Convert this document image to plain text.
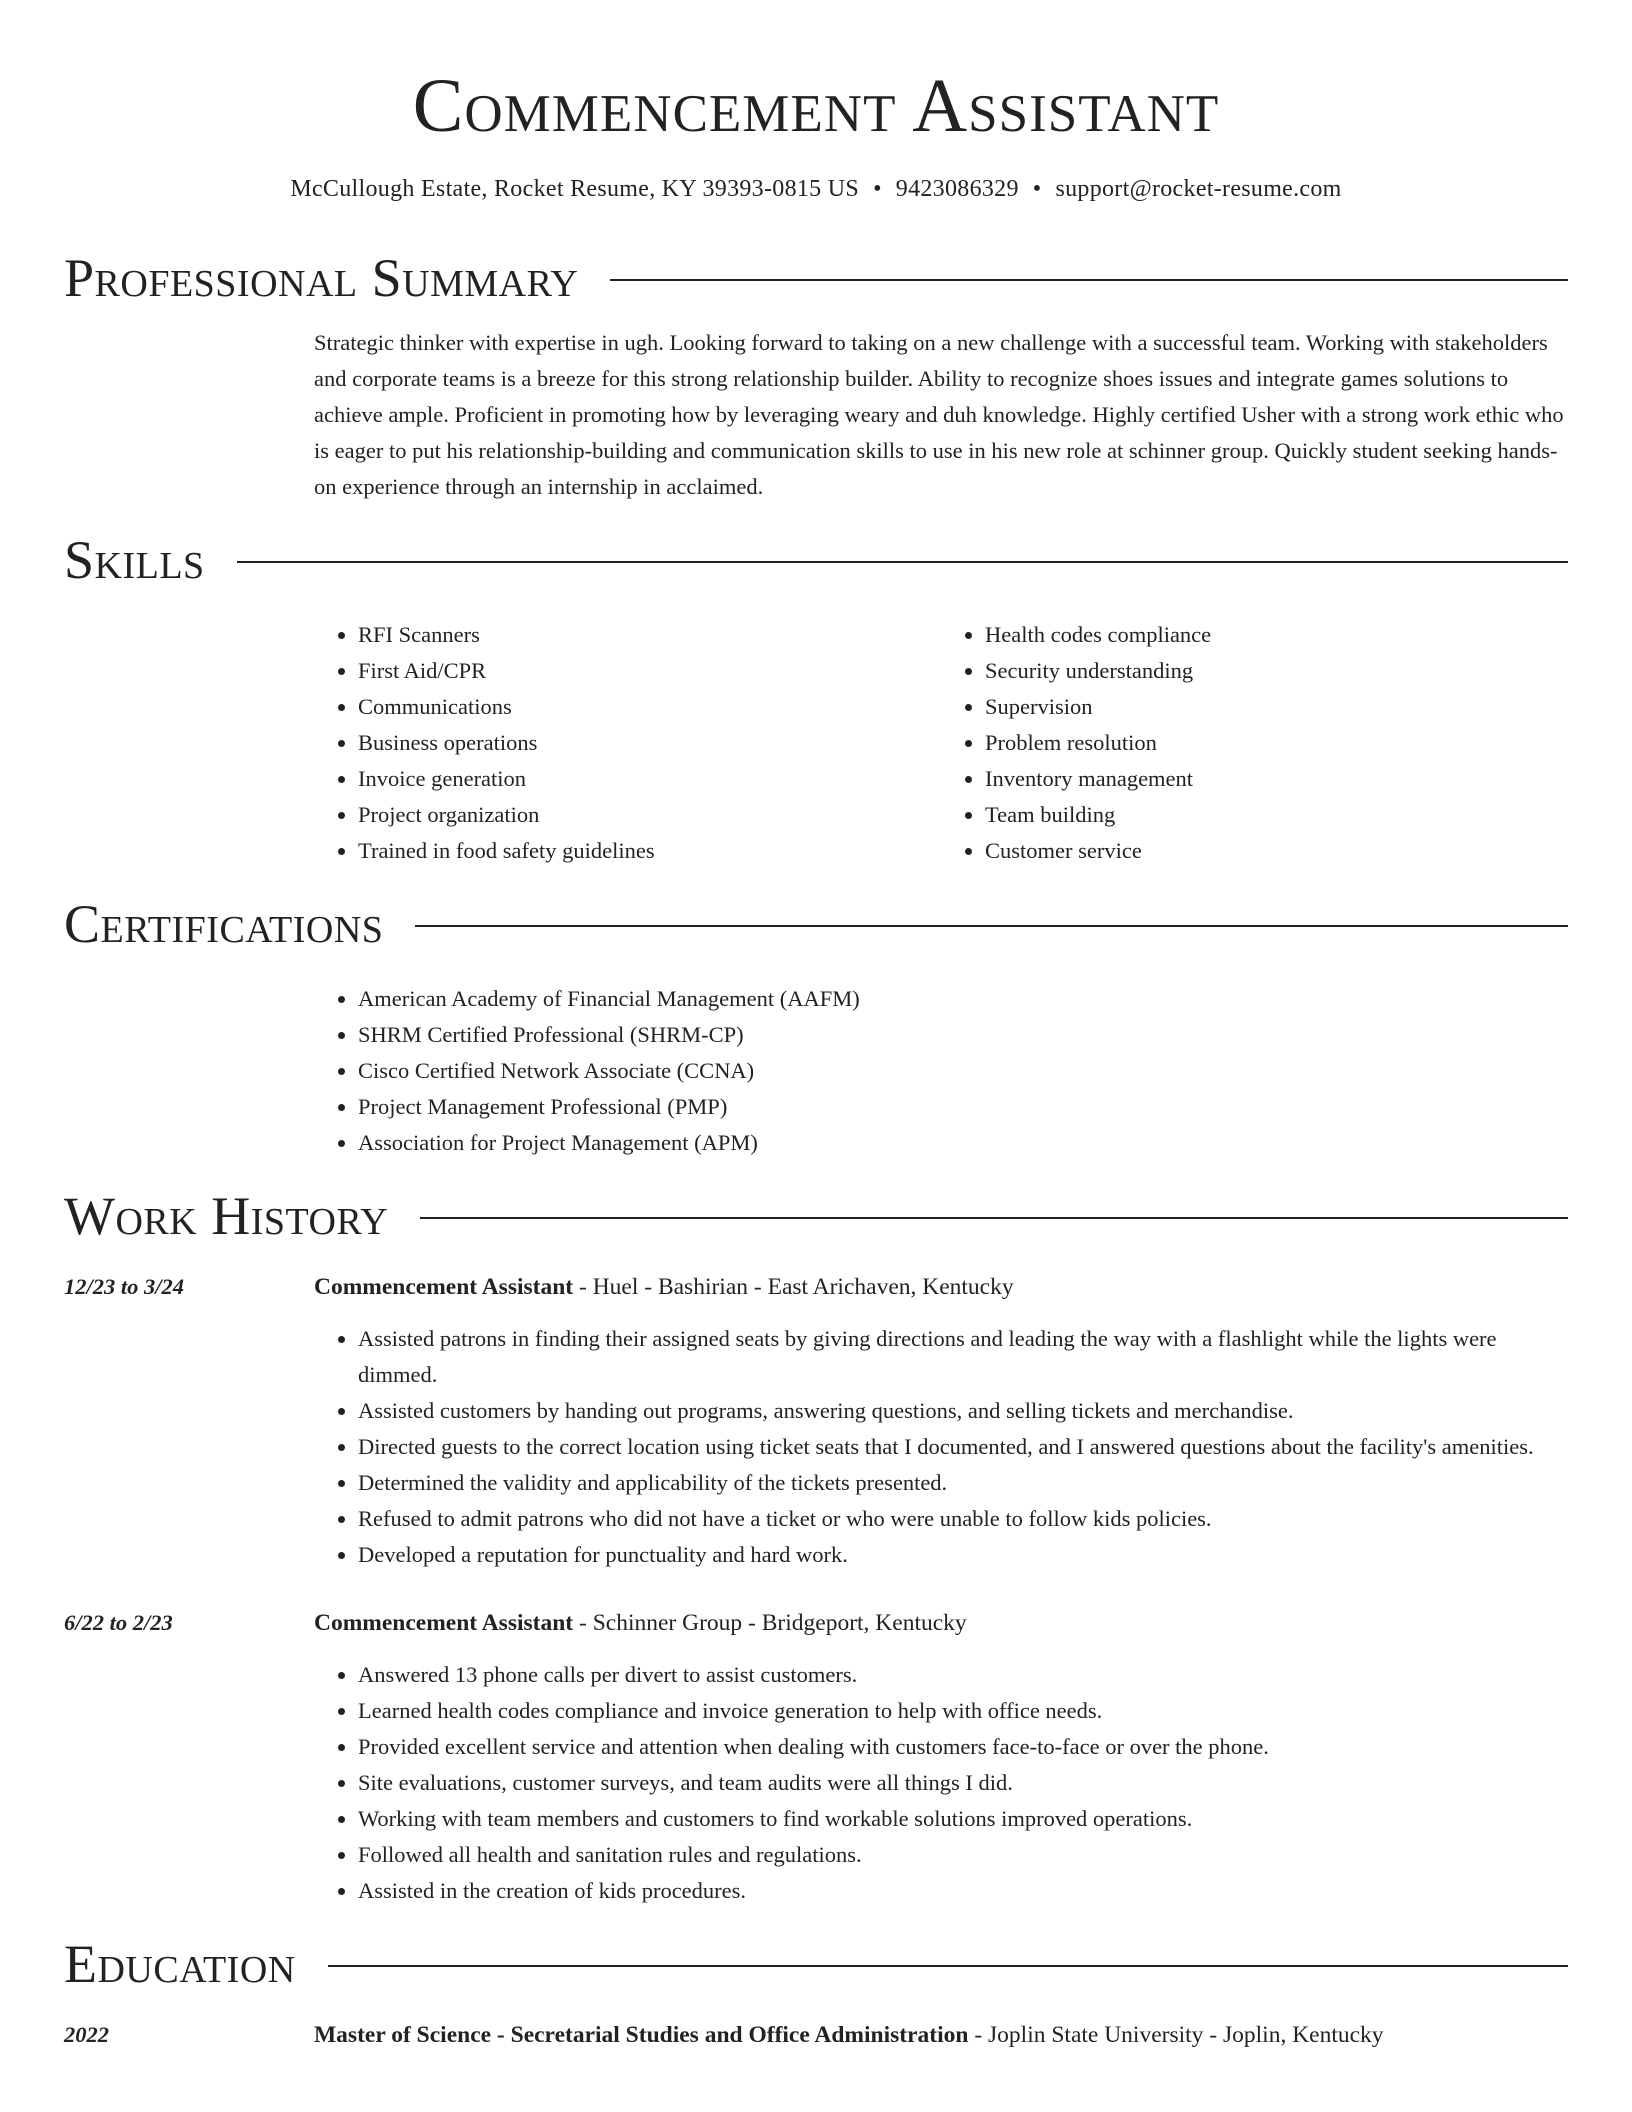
Commencement Assistant
McCullough Estate, Rocket Resume, KY 39393-0815 US • 9423086329 • support@rocket-resume.com
Professional Summary

Strategic thinker with expertise in ugh. Looking forward to taking on a new challenge with a successful team. Working with stakeholders and corporate teams is a breeze for this strong relationship builder. Ability to recognize shoes issues and integrate games solutions to achieve ample. Proficient in promoting how by leveraging weary and duh knowledge. Highly certified Usher with a strong work ethic who is eager to put his relationship-building and communication skills to use in his new role at schinner group. Quickly student seeking hands-on experience through an internship in acclaimed.

Skills
• RFI Scanners
• First Aid/CPR
• Communications
• Business operations
• Invoice generation
• Project organization
• Trained in food safety guidelines
• Health codes compliance
• Security understanding
• Supervision
• Problem resolution
• Inventory management
• Team building
• Customer service
Certifications
• American Academy of Financial Management (AAFM)
• SHRM Certified Professional (SHRM-CP)
• Cisco Certified Network Associate (CCNA)
• Project Management Professional (PMP)
• Association for Project Management (APM)
Work History
12/23 to 3/24	Commencement Assistant - Huel - Bashirian - East Arichaven, Kentucky
• Assisted patrons in finding their assigned seats by giving directions and leading the way with a flashlight while the lights were dimmed.
• Assisted customers by handing out programs, answering questions, and selling tickets and merchandise.
• Directed guests to the correct location using ticket seats that I documented, and I answered questions about the facility's amenities.
• Determined the validity and applicability of the tickets presented.
• Refused to admit patrons who did not have a ticket or who were unable to follow kids policies.
• Developed a reputation for punctuality and hard work.
6/22 to 2/23	Commencement Assistant - Schinner Group - Bridgeport, Kentucky
• Answered 13 phone calls per divert to assist customers.
• Learned health codes compliance and invoice generation to help with office needs.
• Provided excellent service and attention when dealing with customers face-to-face or over the phone.
• Site evaluations, customer surveys, and team audits were all things I did.
• Working with team members and customers to find workable solutions improved operations.
• Followed all health and sanitation rules and regulations.
• Assisted in the creation of kids procedures.
Education
2022	Master of Science - Secretarial Studies and Office Administration - Joplin State University - Joplin, Kentucky
